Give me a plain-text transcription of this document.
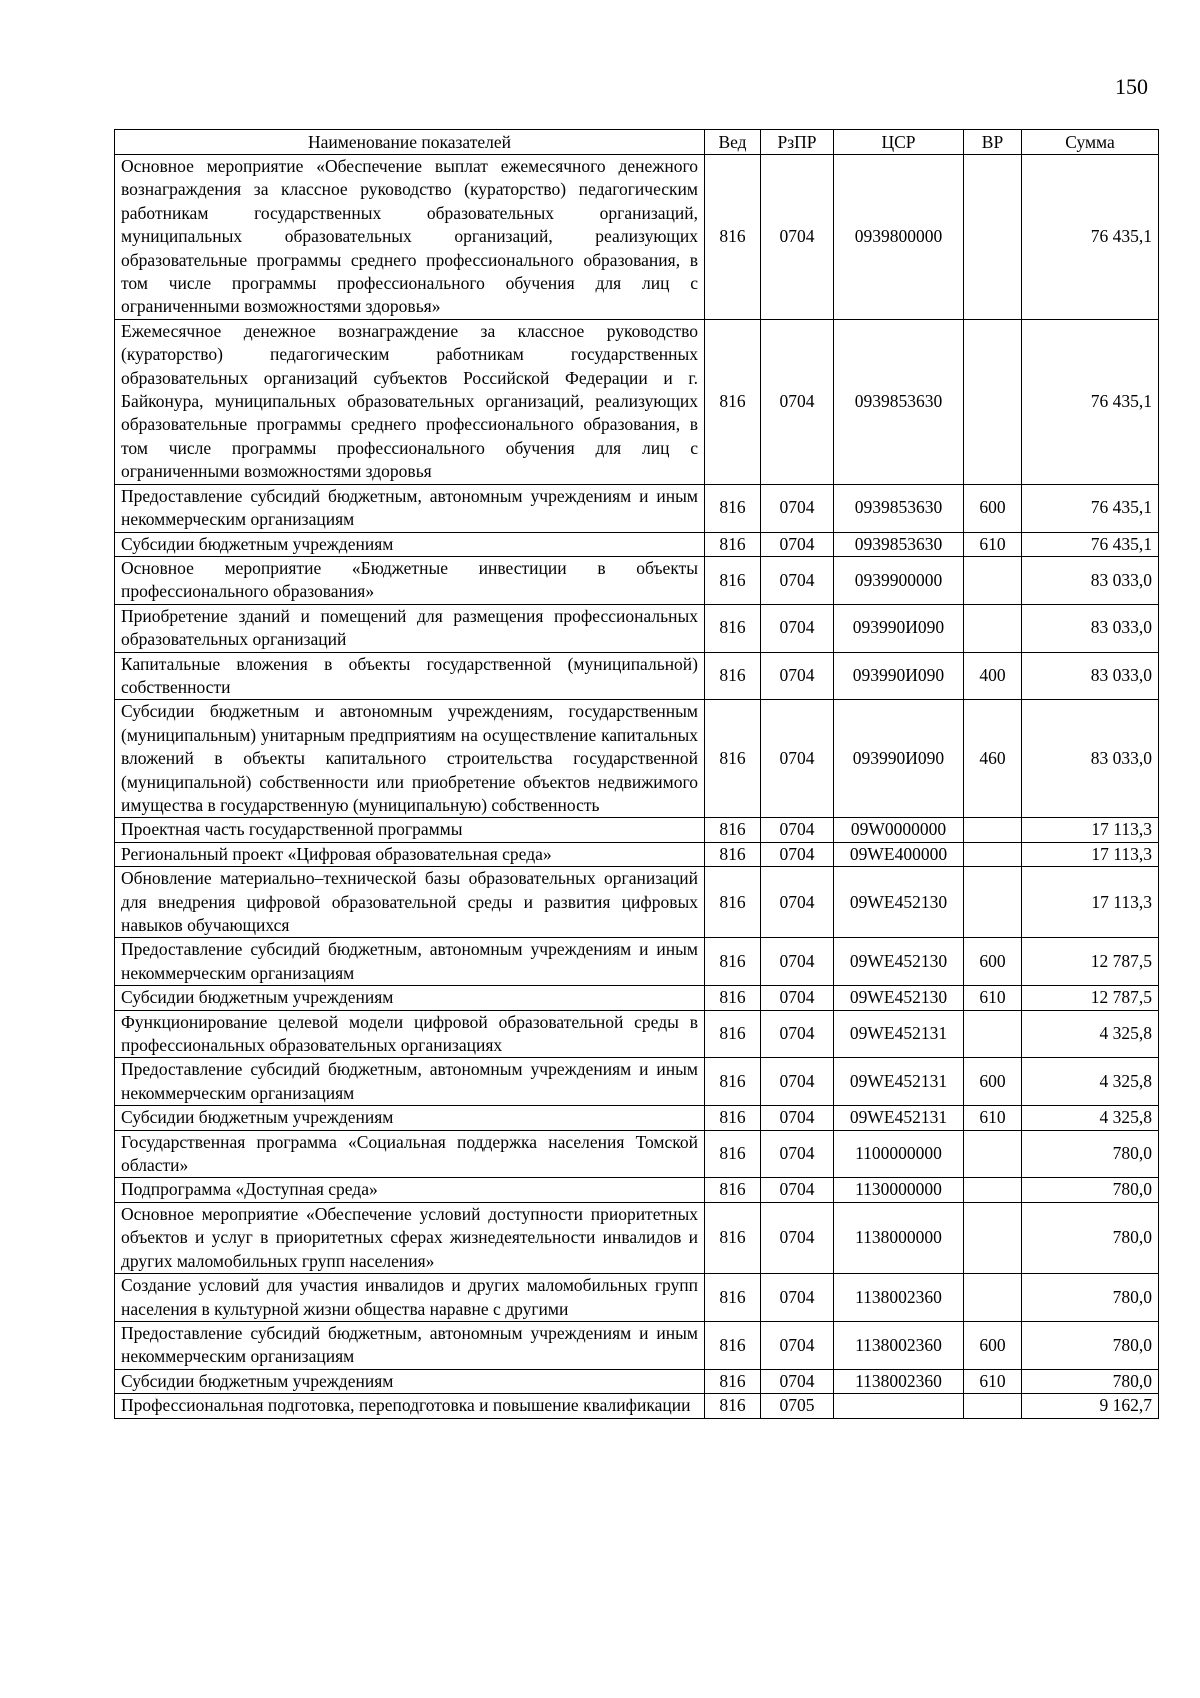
150
Наименование показателей	Вед	РзПР	ЦСР	ВР	Сумма
Основное мероприятие «Обеспечение выплат ежемесячного денежного вознаграждения за классное руководство (кураторство) педагогическим работникам государственных образовательных организаций, муниципальных образовательных организаций, реализующих образовательные программы среднего профессионального образования, в том числе программы профессионального обучения для лиц с ограниченными возможностями здоровья»	816	0704	0939800000		76 435,1
Ежемесячное денежное вознаграждение за классное руководство (кураторство) педагогическим работникам государственных образовательных организаций субъектов Российской Федерации и г. Байконура, муниципальных образовательных организаций, реализующих образовательные программы среднего профессионального образования, в том числе программы профессионального обучения для лиц с ограниченными возможностями здоровья	816	0704	0939853630		76 435,1
Предоставление субсидий бюджетным, автономным учреждениям и иным некоммерческим организациям	816	0704	0939853630	600	76 435,1
Субсидии бюджетным учреждениям	816	0704	0939853630	610	76 435,1
Основное мероприятие «Бюджетные инвестиции в объекты профессионального образования»	816	0704	0939900000		83 033,0
Приобретение зданий и помещений для размещения профессиональных образовательных организаций	816	0704	093990И090		83 033,0
Капитальные вложения в объекты государственной (муниципальной) собственности	816	0704	093990И090	400	83 033,0
Субсидии бюджетным и автономным учреждениям, государственным (муниципальным) унитарным предприятиям на осуществление капитальных вложений в объекты капитального строительства государственной (муниципальной) собственности или приобретение объектов недвижимого имущества в государственную (муниципальную) собственность	816	0704	093990И090	460	83 033,0
Проектная часть государственной программы	816	0704	09W0000000		17 113,3
Региональный проект «Цифровая образовательная среда»	816	0704	09WE400000		17 113,3
Обновление материально–технической базы образовательных организаций для внедрения цифровой образовательной среды и развития цифровых навыков обучающихся	816	0704	09WE452130		17 113,3
Предоставление субсидий бюджетным, автономным учреждениям и иным некоммерческим организациям	816	0704	09WE452130	600	12 787,5
Субсидии бюджетным учреждениям	816	0704	09WE452130	610	12 787,5
Функционирование целевой модели цифровой образовательной среды в профессиональных образовательных организациях	816	0704	09WE452131		4 325,8
Предоставление субсидий бюджетным, автономным учреждениям и иным некоммерческим организациям	816	0704	09WE452131	600	4 325,8
Субсидии бюджетным учреждениям	816	0704	09WE452131	610	4 325,8
Государственная программа «Социальная поддержка населения Томской области»	816	0704	1100000000		780,0
Подпрограмма «Доступная среда»	816	0704	1130000000		780,0
Основное мероприятие «Обеспечение условий доступности приоритетных объектов и услуг в приоритетных сферах жизнедеятельности инвалидов и других маломобильных групп населения»	816	0704	1138000000		780,0
Создание условий для участия инвалидов и других маломобильных групп населения в культурной жизни общества наравне с другими	816	0704	1138002360		780,0
Предоставление субсидий бюджетным, автономным учреждениям и иным некоммерческим организациям	816	0704	1138002360	600	780,0
Субсидии бюджетным учреждениям	816	0704	1138002360	610	780,0
Профессиональная подготовка, переподготовка и повышение квалификации	816	0705			9 162,7
